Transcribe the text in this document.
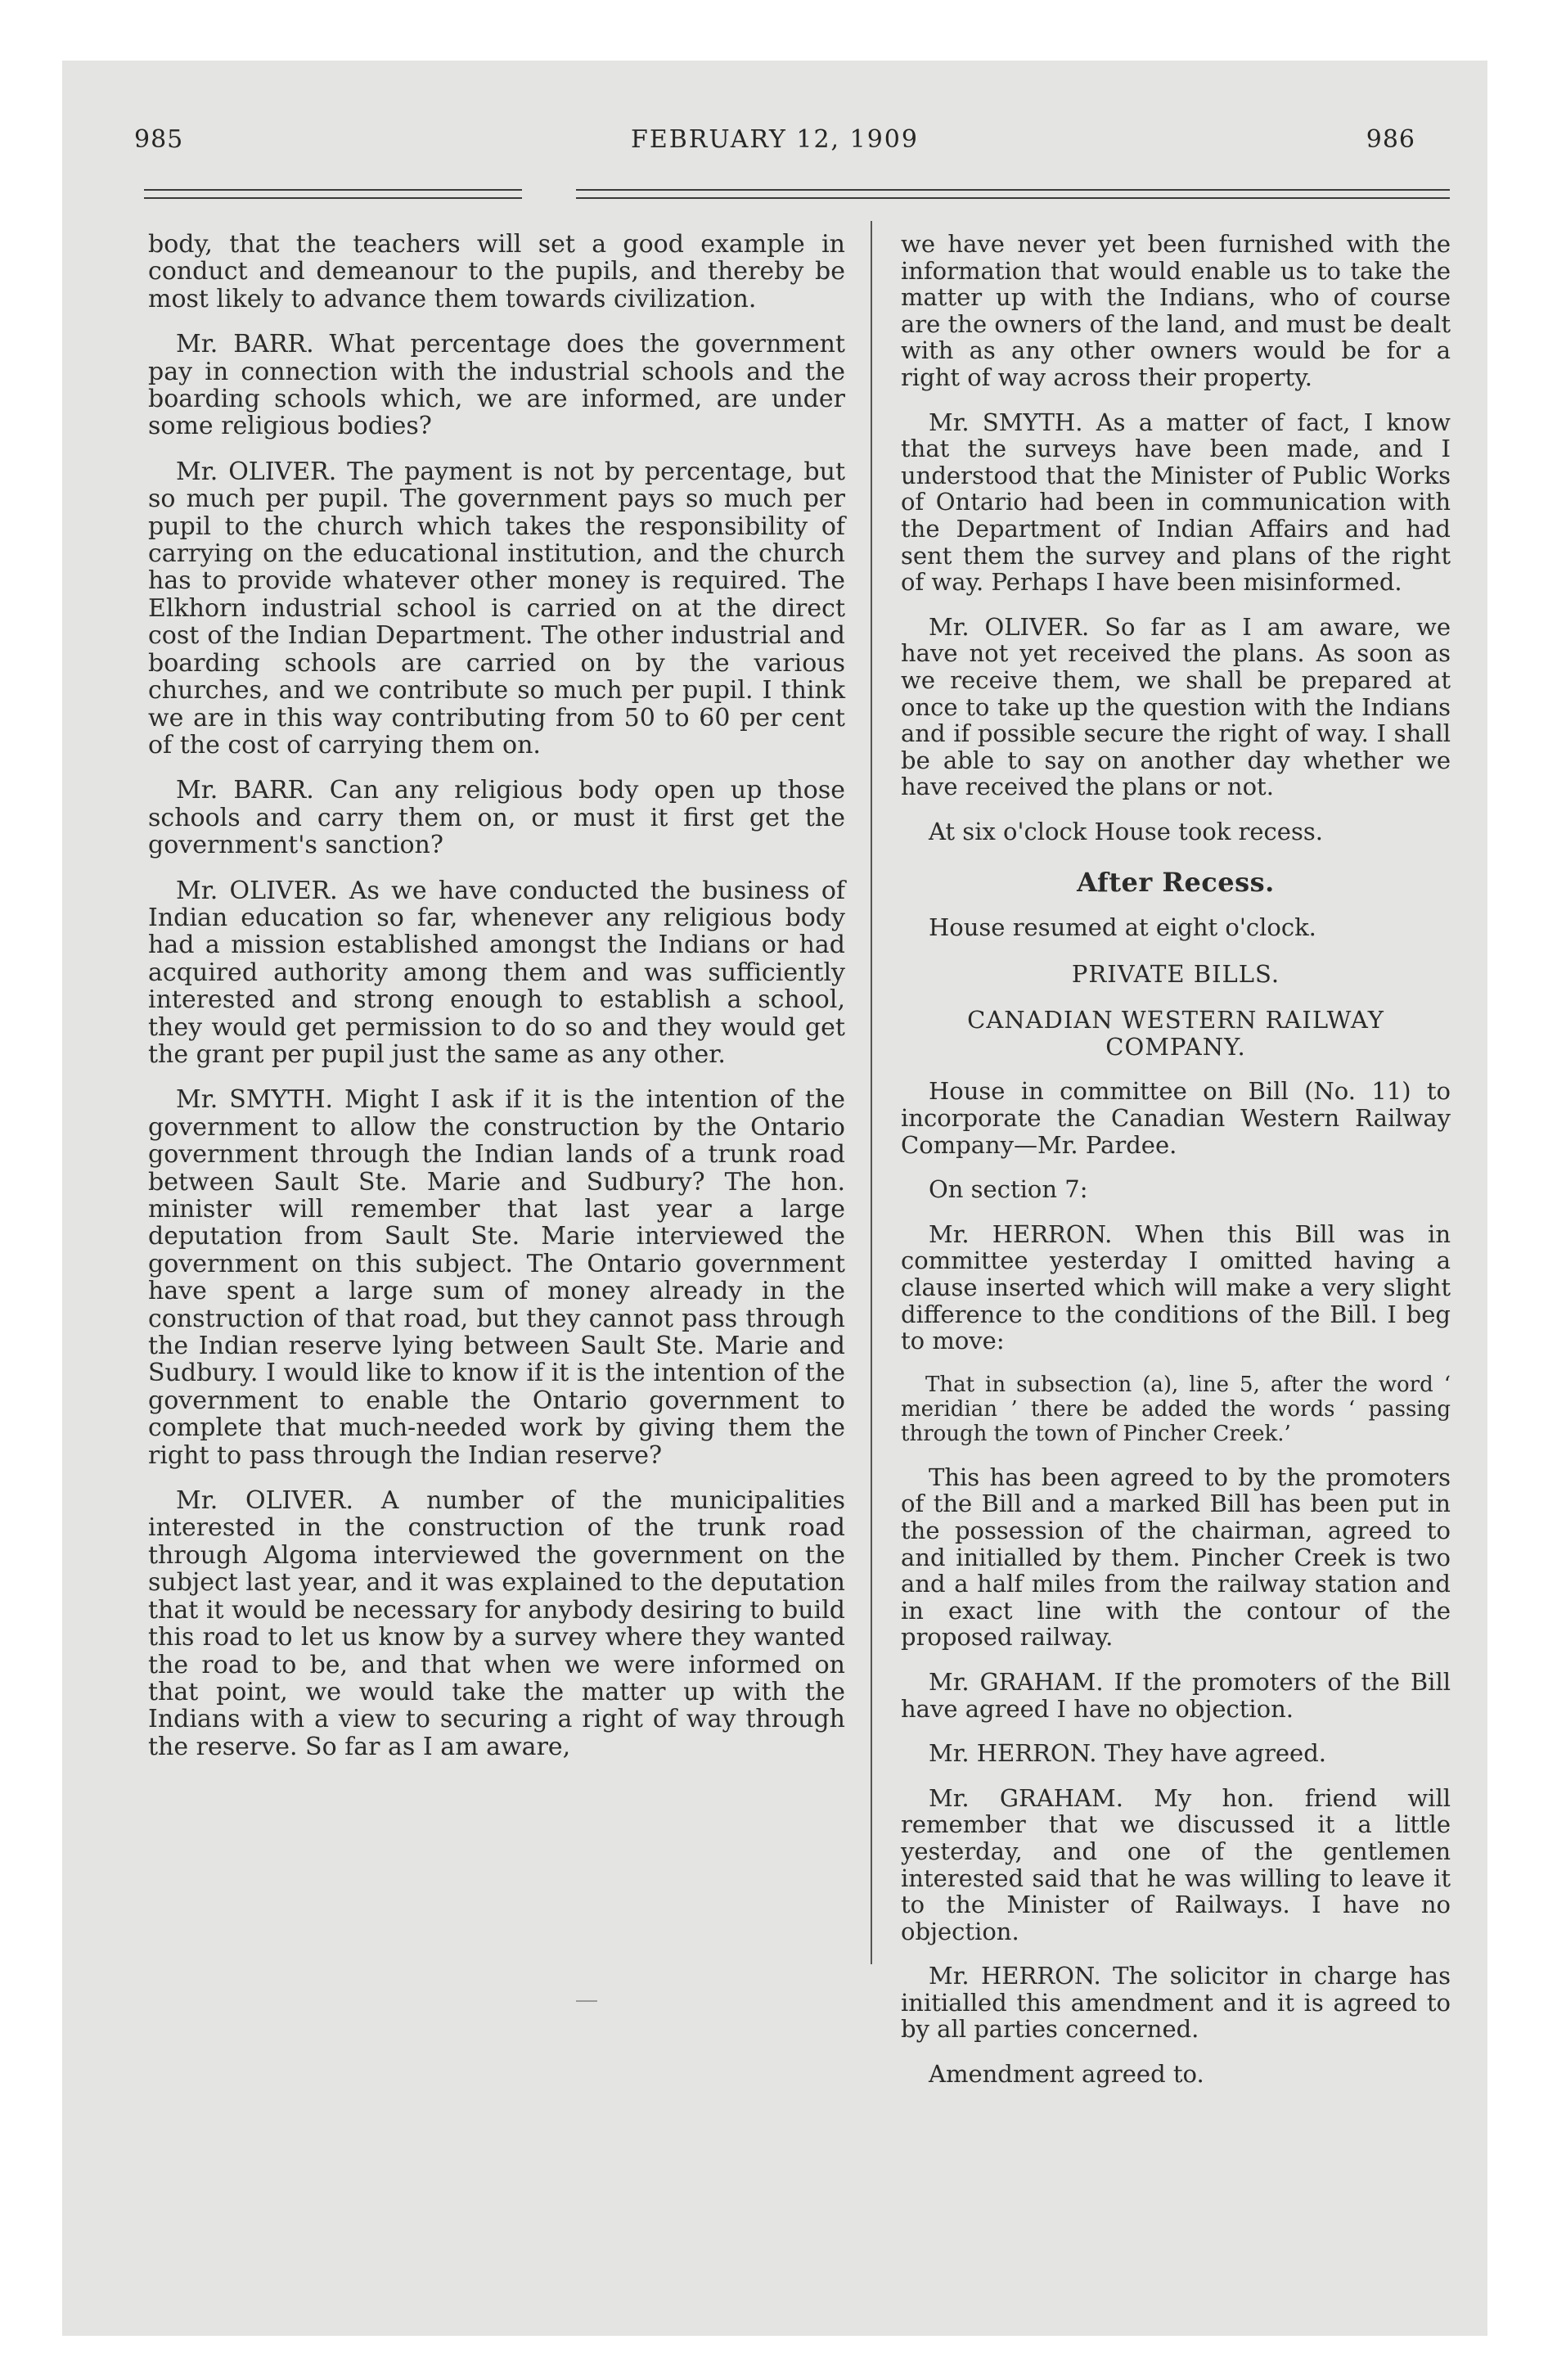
985	FEBRUARY 12, 1909	986

body, that the teachers will set a good example in conduct and demeanour to the pupils, and thereby be most likely to advance them towards civilization.

Mr. BARR. What percentage does the government pay in connection with the industrial schools and the boarding schools which, we are informed, are under some religious bodies?

Mr. OLIVER. The payment is not by percentage, but so much per pupil. The government pays so much per pupil to the church which takes the responsibility of carrying on the educational institution, and the church has to provide whatever other money is required. The Elkhorn industrial school is carried on at the direct cost of the Indian Department. The other industrial and boarding schools are carried on by the various churches, and we contribute so much per pupil. I think we are in this way contributing from 50 to 60 per cent of the cost of carrying them on.

Mr. BARR. Can any religious body open up those schools and carry them on, or must it first get the government's sanction?

Mr. OLIVER. As we have conducted the business of Indian education so far, whenever any religious body had a mission established amongst the Indians or had acquired authority among them and was sufficiently interested and strong enough to establish a school, they would get permission to do so and they would get the grant per pupil just the same as any other.

Mr. SMYTH. Might I ask if it is the intention of the government to allow the construction by the Ontario government through the Indian lands of a trunk road between Sault Ste. Marie and Sudbury? The hon. minister will remember that last year a large deputation from Sault Ste. Marie interviewed the government on this subject. The Ontario government have spent a large sum of money already in the construction of that road, but they cannot pass through the Indian reserve lying between Sault Ste. Marie and Sudbury. I would like to know if it is the intention of the government to enable the Ontario government to complete that much-needed work by giving them the right to pass through the Indian reserve?

Mr. OLIVER. A number of the municipalities interested in the construction of the trunk road through Algoma interviewed the government on the subject last year, and it was explained to the deputation that it would be necessary for anybody desiring to build this road to let us know by a survey where they wanted the road to be, and that when we were informed on that point, we would take the matter up with the Indians with a view to securing a right of way through the reserve. So far as I am aware,

we have never yet been furnished with the information that would enable us to take the matter up with the Indians, who of course are the owners of the land, and must be dealt with as any other owners would be for a right of way across their property.

Mr. SMYTH. As a matter of fact, I know that the surveys have been made, and I understood that the Minister of Public Works of Ontario had been in communication with the Department of Indian Affairs and had sent them the survey and plans of the right of way. Perhaps I have been misinformed.

Mr. OLIVER. So far as I am aware, we have not yet received the plans. As soon as we receive them, we shall be prepared at once to take up the question with the Indians and if possible secure the right of way. I shall be able to say on another day whether we have received the plans or not.

At six o'clock House took recess.

After Recess.

House resumed at eight o'clock.

PRIVATE BILLS.

CANADIAN WESTERN RAILWAY COMPANY.

House in committee on Bill (No. 11) to incorporate the Canadian Western Railway Company—Mr. Pardee.

On section 7:

Mr. HERRON. When this Bill was in committee yesterday I omitted having a clause inserted which will make a very slight difference to the conditions of the Bill. I beg to move:

That in subsection (a), line 5, after the word ‘ meridian ’ there be added the words ‘ passing through the town of Pincher Creek.’

This has been agreed to by the promoters of the Bill and a marked Bill has been put in the possession of the chairman, agreed to and initialled by them. Pincher Creek is two and a half miles from the railway station and in exact line with the contour of the proposed railway.

Mr. GRAHAM. If the promoters of the Bill have agreed I have no objection.

Mr. HERRON. They have agreed.

Mr. GRAHAM. My hon. friend will remember that we discussed it a little yesterday, and one of the gentlemen interested said that he was willing to leave it to the Minister of Railways. I have no objection.

Mr. HERRON. The solicitor in charge has initialled this amendment and it is agreed to by all parties concerned.

Amendment agreed to.
